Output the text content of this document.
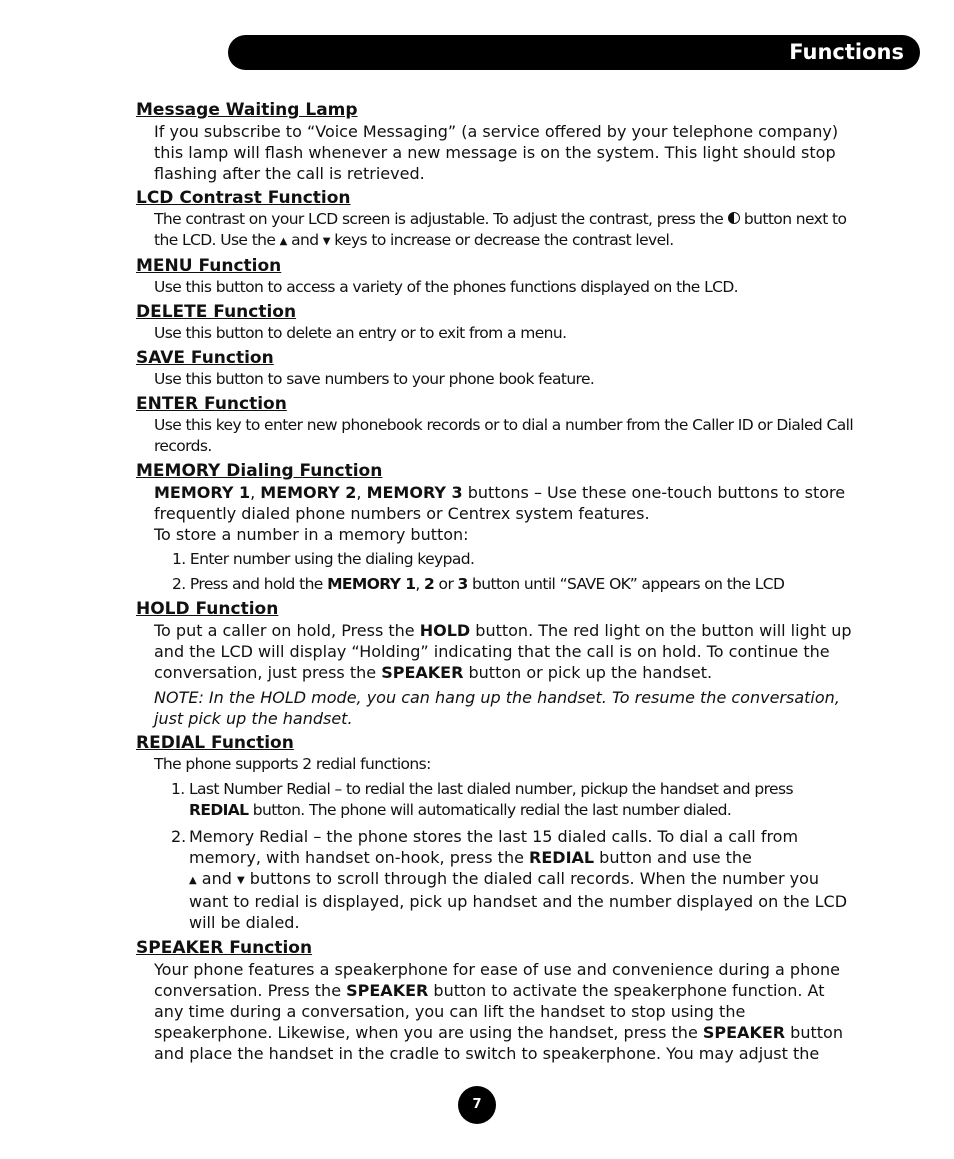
Functions

Message Waiting Lamp

If you subscribe to “Voice Messaging” (a service offered by your telephone company) this lamp will flash whenever a new message is on the system. This light should stop flashing after the call is retrieved.

LCD Contrast Function

The contrast on your LCD screen is adjustable. To adjust the contrast, press the button next to the LCD. Use the ▲ and ▼ keys to increase or decrease the contrast level.

MENU Function

Use this button to access a variety of the phones functions displayed on the LCD.

DELETE Function

Use this button to delete an entry or to exit from a menu.

SAVE Function

Use this button to save numbers to your phone book feature.

ENTER Function

Use this key to enter new phonebook records or to dial a number from the Caller ID or Dialed Call records.

MEMORY Dialing Function

MEMORY 1, MEMORY 2, MEMORY 3 buttons – Use these one-touch buttons to store frequently dialed phone numbers or Centrex system features.
To store a number in a memory button:
1. Enter number using the dialing keypad.
2. Press and hold the MEMORY 1, 2 or 3 button until “SAVE OK” appears on the LCD

HOLD Function

To put a caller on hold, Press the HOLD button. The red light on the button will light up and the LCD will display “Holding” indicating that the call is on hold. To continue the conversation, just press the SPEAKER button or pick up the handset.
NOTE: In the HOLD mode, you can hang up the handset. To resume the conversation, just pick up the handset.

REDIAL Function

The phone supports 2 redial functions:
1. Last Number Redial – to redial the last dialed number, pickup the handset and press REDIAL button. The phone will automatically redial the last number dialed.
2. Memory Redial – the phone stores the last 15 dialed calls. To dial a call from memory, with handset on-hook, press the REDIAL button and use the
▲ and ▼ buttons to scroll through the dialed call records. When the number you want to redial is displayed, pick up handset and the number displayed on the LCD will be dialed.

SPEAKER Function

Your phone features a speakerphone for ease of use and convenience during a phone conversation. Press the SPEAKER button to activate the speakerphone function. At any time during a conversation, you can lift the handset to stop using the speakerphone. Likewise, when you are using the handset, press the SPEAKER button and place the handset in the cradle to switch to speakerphone. You may adjust the
7
